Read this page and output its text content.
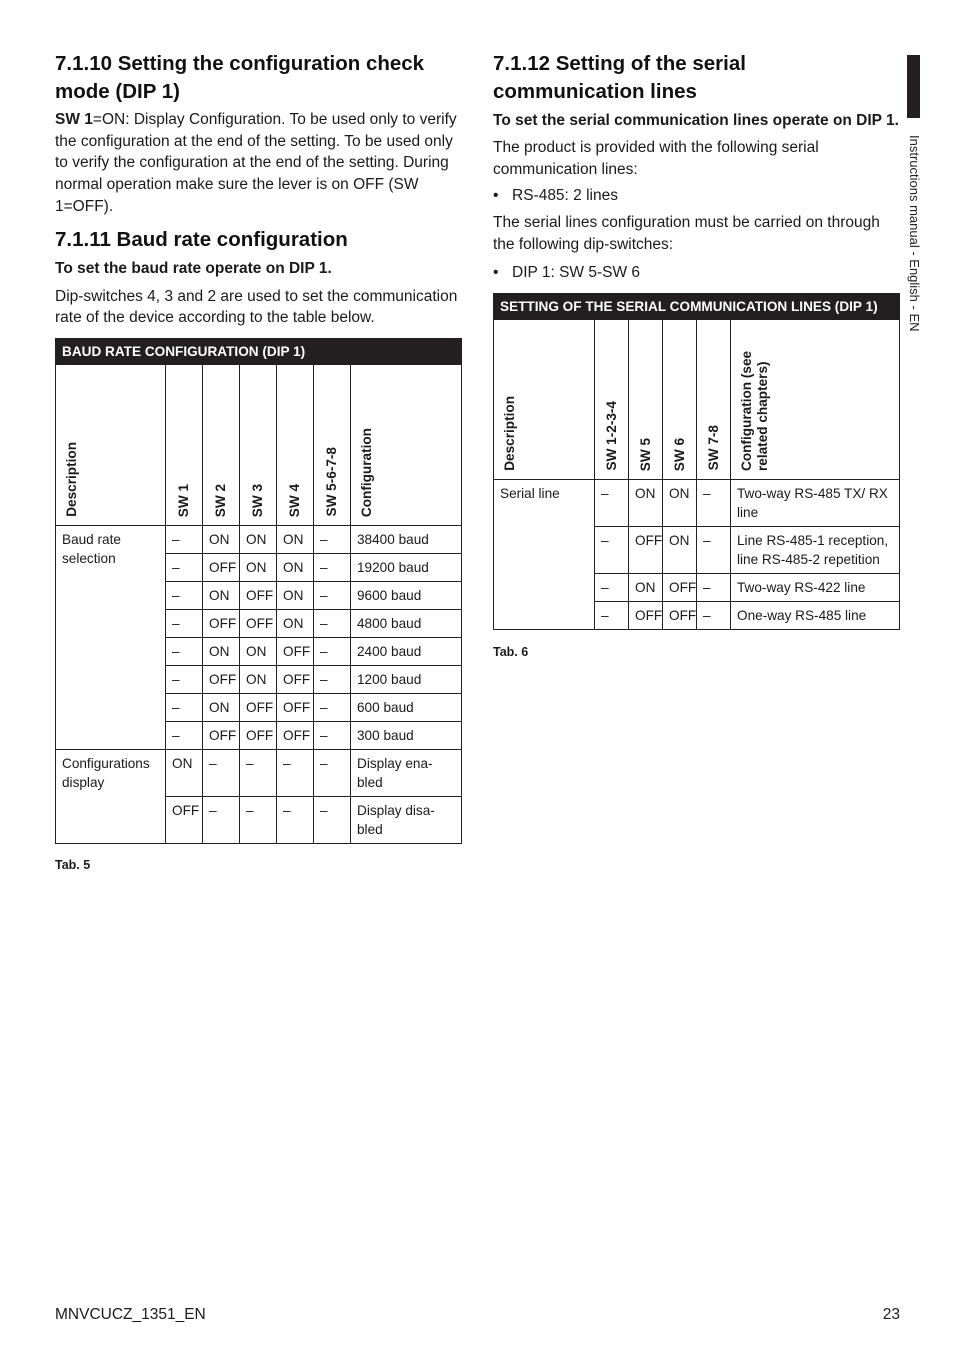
Instructions manual - English - EN
7.1.10 Setting the configuration check mode (DIP 1)

SW 1=ON: Display Configuration. To be used only to verify the configuration at the end of the setting. To be used only to verify the configuration at the end of the setting. During normal operation make sure the lever is on OFF (SW 1=OFF).

7.1.11 Baud rate configuration

To set the baud rate operate on DIP 1.

Dip-switches 4, 3 and 2 are used to set the communication rate of the device according to the table below.

BAUD RATE CONFIGURATION (DIP 1)						

Description	SW 1	SW 2	SW 3	SW 4	SW 5-6-7-8	Configuration

Baud rate selection	–	ON	ON	ON	–	38400 baud
	–	OFF	ON	ON	–	19200 baud
	–	ON	OFF	ON	–	9600 baud
	–	OFF	OFF	ON	–	4800 baud
	–	ON	ON	OFF	–	2400 baud
	–	OFF	ON	OFF	–	1200 baud
	–	ON	OFF	OFF	–	600 baud
	–	OFF	OFF	OFF	–	300 baud
Configurations display	ON	–	–	–	–	Display ena-bled
	OFF	–	–	–	–	Display disa-bled
Tab. 5
7.1.12 Setting of the serial communication lines

To set the serial communication lines operate on DIP 1.

The product is provided with the following serial communication lines:

• RS-485: 2 lines

The serial lines configuration must be carried on through the following dip-switches:

• DIP 1: SW 5-SW 6

SETTING OF THE SERIAL COMMUNICATION LINES (DIP 1)					

Description	SW 1-2-3-4	SW 5	SW 6	SW 7-8	Configuration (see related chapters)

Serial line	–	ON	ON	–	Two-way RS-485 TX/ RX line
	–	OFF	ON	–	Line RS-485-1 reception, line RS-485-2 repetition
	–	ON	OFF	–	Two-way RS-422 line
	–	OFF	OFF	–	One-way RS-485 line
Tab. 6
MNVCUCZ_1351_EN	23
